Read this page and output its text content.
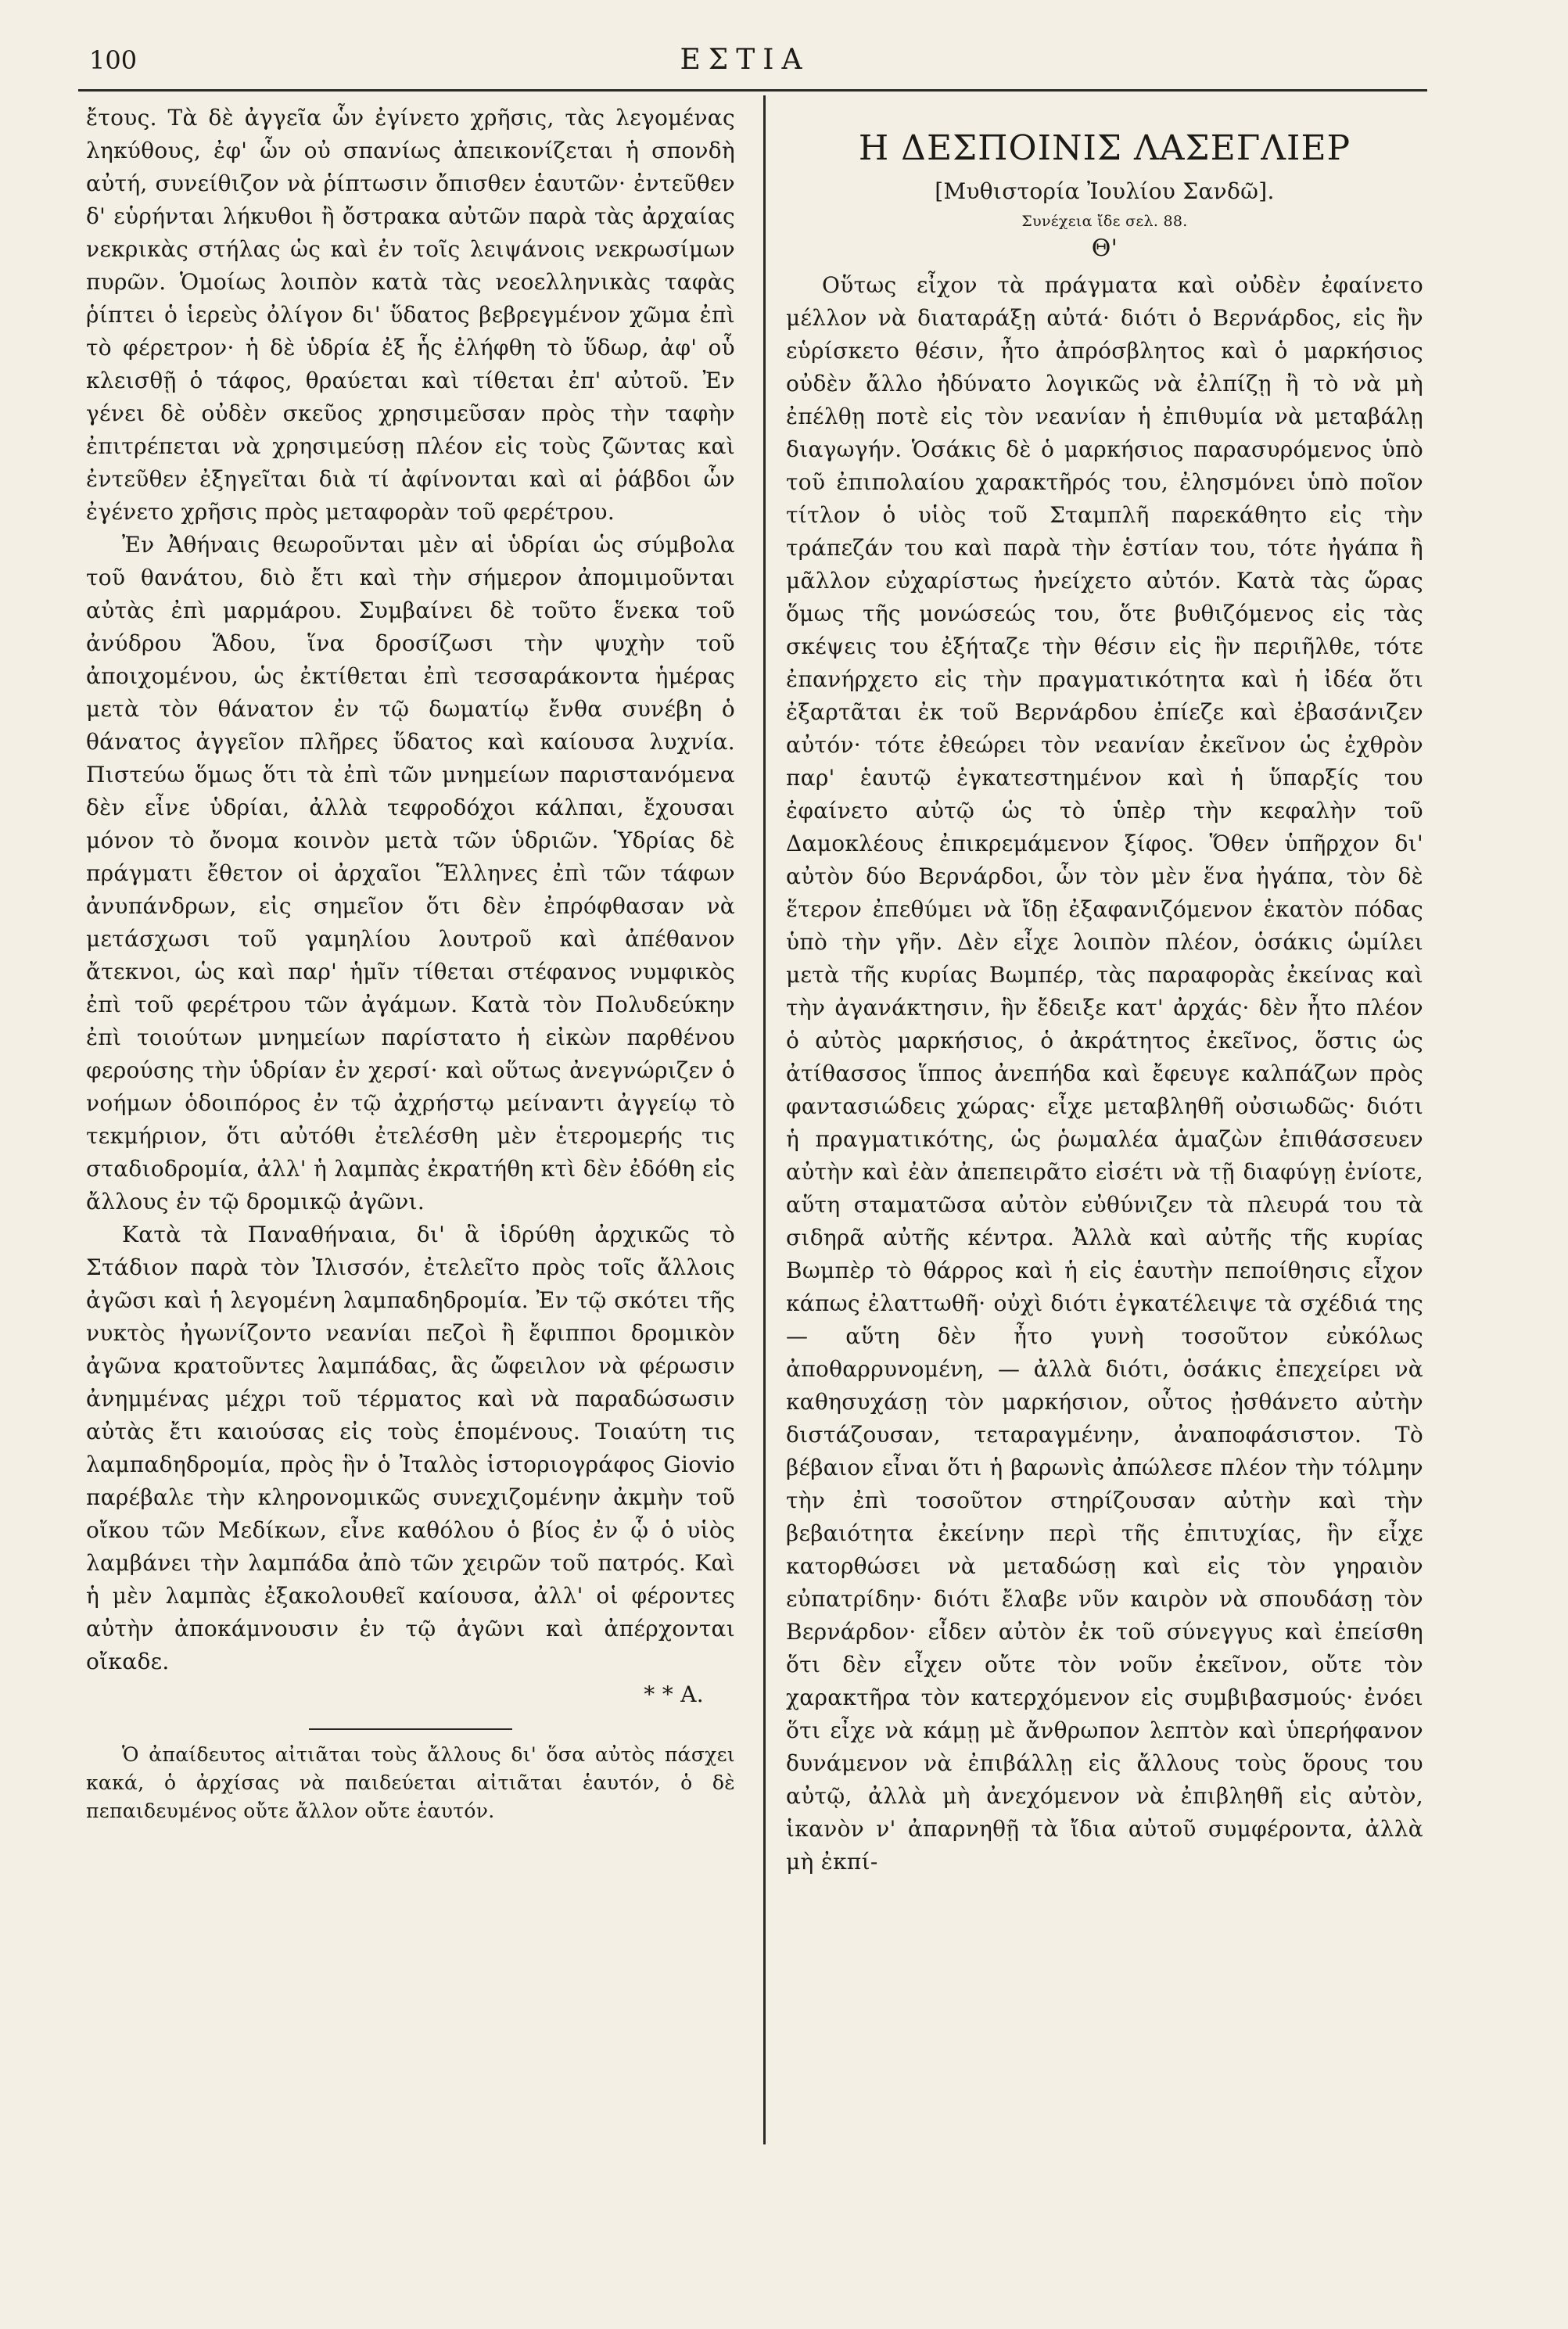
100	ΕΣΤΙΑ

ἔτους. Τὰ δὲ ἀγγεῖα ὧν ἐγίνετο χρῆσις, τὰς λεγομένας ληκύθους, ἐφ' ὧν οὐ σπανίως ἀπεικονίζεται ἡ σπονδὴ αὐτή, συνείθιζον νὰ ῥίπτωσιν ὄπισθεν ἑαυτῶν· ἐντεῦθεν δ' εὑρήνται λήκυθοι ἢ ὄστρακα αὐτῶν παρὰ τὰς ἀρχαίας νεκρικὰς στήλας ὡς καὶ ἐν τοῖς λειψάνοις νεκρωσίμων πυρῶν. Ὁμοίως λοιπὸν κατὰ τὰς νεοελληνικὰς ταφὰς ῥίπτει ὁ ἱερεὺς ὀλίγον δι' ὕδατος βεβρεγμένον χῶμα ἐπὶ τὸ φέρετρον· ἡ δὲ ὑδρία ἐξ ἧς ἐλήφθη τὸ ὕδωρ, ἀφ' οὗ κλεισθῇ ὁ τάφος, θραύεται καὶ τίθεται ἐπ' αὐτοῦ. Ἐν γένει δὲ οὐδὲν σκεῦος χρησιμεῦσαν πρὸς τὴν ταφὴν ἐπιτρέπεται νὰ χρησιμεύσῃ πλέον εἰς τοὺς ζῶντας καὶ ἐντεῦθεν ἐξηγεῖται διὰ τί ἀφίνονται καὶ αἱ ῥάβδοι ὧν ἐγένετο χρῆσις πρὸς μεταφορὰν τοῦ φερέτρου.

Ἐν Ἀθήναις θεωροῦνται μὲν αἱ ὑδρίαι ὡς σύμβολα τοῦ θανάτου, διὸ ἔτι καὶ τὴν σήμερον ἀπομιμοῦνται αὐτὰς ἐπὶ μαρμάρου. Συμβαίνει δὲ τοῦτο ἕνεκα τοῦ ἀνύδρου Ἅδου, ἵνα δροσίζωσι τὴν ψυχὴν τοῦ ἀποιχομένου, ὡς ἐκτίθεται ἐπὶ τεσσαράκοντα ἡμέρας μετὰ τὸν θάνατον ἐν τῷ δωματίῳ ἔνθα συνέβη ὁ θάνατος ἀγγεῖον πλῆρες ὕδατος καὶ καίουσα λυχνία. Πιστεύω ὅμως ὅτι τὰ ἐπὶ τῶν μνημείων παριστανόμενα δὲν εἶνε ὑδρίαι, ἀλλὰ τεφροδόχοι κάλπαι, ἔχουσαι μόνον τὸ ὄνομα κοινὸν μετὰ τῶν ὑδριῶν. Ὑδρίας δὲ πράγματι ἔθετον οἱ ἀρχαῖοι Ἕλληνες ἐπὶ τῶν τάφων ἀνυπάνδρων, εἰς σημεῖον ὅτι δὲν ἐπρόφθασαν νὰ μετάσχωσι τοῦ γαμηλίου λουτροῦ καὶ ἀπέθανον ἄτεκνοι, ὡς καὶ παρ' ἡμῖν τίθεται στέφανος νυμφικὸς ἐπὶ τοῦ φερέτρου τῶν ἀγάμων. Κατὰ τὸν Πολυδεύκην ἐπὶ τοιούτων μνημείων παρίστατο ἡ εἰκὼν παρθένου φερούσης τὴν ὑδρίαν ἐν χερσί· καὶ οὕτως ἀνεγνώριζεν ὁ νοήμων ὁδοιπόρος ἐν τῷ ἀχρήστῳ μείναντι ἀγγείῳ τὸ τεκμήριον, ὅτι αὐτόθι ἐτελέσθη μὲν ἑτερομερής τις σταδιοδρομία, ἀλλ' ἡ λαμπὰς ἐκρατήθη κτὶ δὲν ἐδόθη εἰς ἄλλους ἐν τῷ δρομικῷ ἀγῶνι.

Κατὰ τὰ Παναθήναια, δι' ἃ ἱδρύθη ἀρχικῶς τὸ Στάδιον παρὰ τὸν Ἰλισσόν, ἐτελεῖτο πρὸς τοῖς ἄλλοις ἀγῶσι καὶ ἡ λεγομένη λαμπαδηδρομία. Ἐν τῷ σκότει τῆς νυκτὸς ἠγωνίζοντο νεανίαι πεζοὶ ἢ ἔφιπποι δρομικὸν ἀγῶνα κρατοῦντες λαμπάδας, ἃς ὤφειλον νὰ φέρωσιν ἀνημμένας μέχρι τοῦ τέρματος καὶ νὰ παραδώσωσιν αὐτὰς ἔτι καιούσας εἰς τοὺς ἑπομένους. Τοιαύτη τις λαμπαδηδρομία, πρὸς ἣν ὁ Ἰταλὸς ἱστοριογράφος Giovio παρέβαλε τὴν κληρονομικῶς συνεχιζομένην ἀκμὴν τοῦ οἴκου τῶν Μεδίκων, εἶνε καθόλου ὁ βίος ἐν ᾧ ὁ υἱὸς λαμβάνει τὴν λαμπάδα ἀπὸ τῶν χειρῶν τοῦ πατρός. Καὶ ἡ μὲν λαμπὰς ἐξακολουθεῖ καίουσα, ἀλλ' οἱ φέροντες αὐτὴν ἀποκάμνουσιν ἐν τῷ ἀγῶνι καὶ ἀπέρχονται οἴκαδε.

* * Α.

Ὁ ἀπαίδευτος αἰτιᾶται τοὺς ἄλλους δι' ὅσα αὐτὸς πάσχει κακά, ὁ ἀρχίσας νὰ παιδεύεται αἰτιᾶται ἑαυτόν, ὁ δὲ πεπαιδευμένος οὔτε ἄλλον οὔτε ἑαυτόν.

Η ΔΕΣΠΟΙΝΙΣ ΛΑΣΕΓΛΙΕΡ
[Μυθιστορία Ἰουλίου Σανδῶ].
Συνέχεια ἴδε σελ. 88.
Θ'

Οὕτως εἶχον τὰ πράγματα καὶ οὐδὲν ἐφαίνετο μέλλον νὰ διαταράξῃ αὐτά· διότι ὁ Βερνάρδος, εἰς ἣν εὑρίσκετο θέσιν, ἦτο ἀπρόσβλητος καὶ ὁ μαρκήσιος οὐδὲν ἄλλο ἠδύνατο λογικῶς νὰ ἐλπίζῃ ἢ τὸ νὰ μὴ ἐπέλθῃ ποτὲ εἰς τὸν νεανίαν ἡ ἐπιθυμία νὰ μεταβάλῃ διαγωγήν. Ὁσάκις δὲ ὁ μαρκήσιος παρασυρόμενος ὑπὸ τοῦ ἐπιπολαίου χαρακτῆρός του, ἐλησμόνει ὑπὸ ποῖον τίτλον ὁ υἱὸς τοῦ Σταμπλῆ παρεκάθητο εἰς τὴν τράπεζάν του καὶ παρὰ τὴν ἑστίαν του, τότε ἠγάπα ἢ μᾶλλον εὐχαρίστως ἠνείχετο αὐτόν. Κατὰ τὰς ὥρας ὅμως τῆς μονώσεώς του, ὅτε βυθιζόμενος εἰς τὰς σκέψεις του ἐξήταζε τὴν θέσιν εἰς ἣν περιῆλθε, τότε ἐπανήρχετο εἰς τὴν πραγματικότητα καὶ ἡ ἰδέα ὅτι ἐξαρτᾶται ἐκ τοῦ Βερνάρδου ἐπίεζε καὶ ἐβασάνιζεν αὐτόν· τότε ἐθεώρει τὸν νεανίαν ἐκεῖνον ὡς ἐχθρὸν παρ' ἑαυτῷ ἐγκατεστημένον καὶ ἡ ὕπαρξίς του ἐφαίνετο αὐτῷ ὡς τὸ ὑπὲρ τὴν κεφαλὴν τοῦ Δαμοκλέους ἐπικρεμάμενον ξίφος. Ὅθεν ὑπῆρχον δι' αὐτὸν δύο Βερνάρδοι, ὧν τὸν μὲν ἕνα ἠγάπα, τὸν δὲ ἕτερον ἐπεθύμει νὰ ἴδῃ ἐξαφανιζόμενον ἑκατὸν πόδας ὑπὸ τὴν γῆν. Δὲν εἶχε λοιπὸν πλέον, ὁσάκις ὡμίλει μετὰ τῆς κυρίας Βωμπέρ, τὰς παραφορὰς ἐκείνας καὶ τὴν ἀγανάκτησιν, ἣν ἔδειξε κατ' ἀρχάς· δὲν ἦτο πλέον ὁ αὐτὸς μαρκήσιος, ὁ ἀκράτητος ἐκεῖνος, ὅστις ὡς ἀτίθασσος ἵππος ἀνεπήδα καὶ ἔφευγε καλπάζων πρὸς φαντασιώδεις χώρας· εἶχε μεταβληθῆ οὐσιωδῶς· διότι ἡ πραγματικότης, ὡς ῥωμαλέα ἁμαζὼν ἐπιθάσσευεν αὐτὴν καὶ ἐὰν ἀπεπειρᾶτο εἰσέτι νὰ τῇ διαφύγῃ ἐνίοτε, αὕτη σταματῶσα αὐτὸν εὐθύνιζεν τὰ πλευρά του τὰ σιδηρᾶ αὐτῆς κέντρα. Ἀλλὰ καὶ αὐτῆς τῆς κυρίας Βωμπὲρ τὸ θάρρος καὶ ἡ εἰς ἑαυτὴν πεποίθησις εἶχον κάπως ἐλαττωθῆ· οὐχὶ διότι ἐγκατέλειψε τὰ σχέδιά της — αὕτη δὲν ἦτο γυνὴ τοσοῦτον εὐκόλως ἀποθαρρυνομένη, — ἀλλὰ διότι, ὁσάκις ἐπεχείρει νὰ καθησυχάσῃ τὸν μαρκήσιον, οὗτος ᾐσθάνετο αὐτὴν διστάζουσαν, τεταραγμένην, ἀναποφάσιστον. Τὸ βέβαιον εἶναι ὅτι ἡ βαρωνὶς ἀπώλεσε πλέον τὴν τόλμην τὴν ἐπὶ τοσοῦτον στηρίζουσαν αὐτὴν καὶ τὴν βεβαιότητα ἐκείνην περὶ τῆς ἐπιτυχίας, ἣν εἶχε κατορθώσει νὰ μεταδώσῃ καὶ εἰς τὸν γηραιὸν εὐπατρίδην· διότι ἔλαβε νῦν καιρὸν νὰ σπουδάσῃ τὸν Βερνάρδον· εἶδεν αὐτὸν ἐκ τοῦ σύνεγγυς καὶ ἐπείσθη ὅτι δὲν εἶχεν οὔτε τὸν νοῦν ἐκεῖνον, οὔτε τὸν χαρακτῆρα τὸν κατερχόμενον εἰς συμβιβασμούς· ἐνόει ὅτι εἶχε νὰ κάμῃ μὲ ἄνθρωπον λεπτὸν καὶ ὑπερήφανον δυνάμενον νὰ ἐπιβάλλῃ εἰς ἄλλους τοὺς ὅρους του αὐτῷ, ἀλλὰ μὴ ἀνεχόμενον νὰ ἐπιβληθῆ εἰς αὐτὸν, ἱκανὸν ν' ἀπαρνηθῇ τὰ ἴδια αὐτοῦ συμφέροντα, ἀλλὰ μὴ ἐκπί-
